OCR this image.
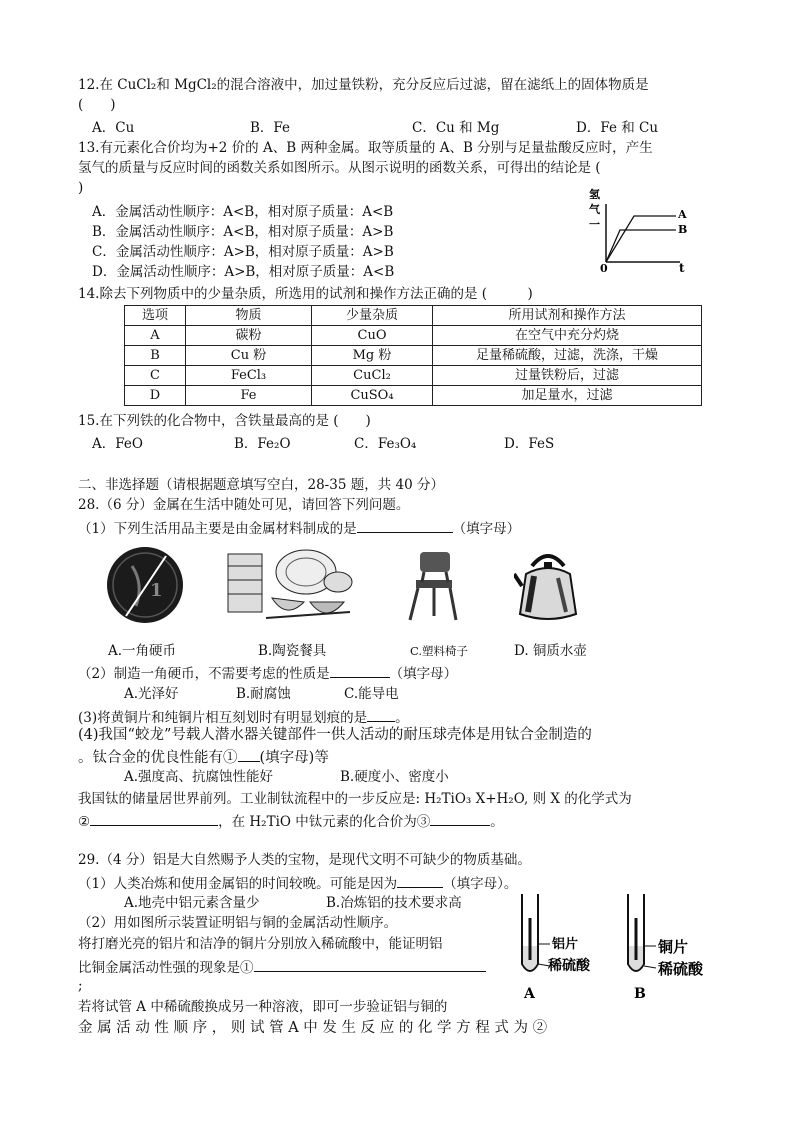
12.在 CuCl₂和 MgCl₂的混合溶液中，加过量铁粉，充分反应后过滤，留在滤纸上的固体物质是
(　　)
A．Cu	B．Fe	C．Cu 和 Mg	D．Fe 和 Cu
13.有元素化合价均为+2 价的 A、B 两种金属。取等质量的 A、B 分别与足量盐酸反应时，产生
氢气的质量与反应时间的函数关系如图所示。从图示说明的函数关系，可得出的结论是 (
)
A．金属活动性顺序：A<B，相对原子质量：A<B
B．金属活动性顺序：A<B，相对原子质量：A>B
C．金属活动性顺序：A>B，相对原子质量：A>B
D．金属活动性顺序：A>B，相对原子质量：A<B
氢
气
一
A
B
0	t
14.除去下列物质中的少量杂质，所选用的试剂和操作方法正确的是 (　　　)
选项	物质	少量杂质	所用试剂和操作方法
A	碳粉	CuO	在空气中充分灼烧
B	Cu 粉	Mg 粉	足量稀硫酸，过滤，洗涤，干燥
C	FeCl₃	CuCl₂	过量铁粉后，过滤
D	Fe	CuSO₄	加足量水，过滤
15.在下列铁的化合物中，含铁量最高的是 (　　)
A．FeO	B．Fe₂O	C．Fe₃O₄	D．FeS
二、非选择题（请根据题意填写空白，28-35 题，共 40 分）
28.（6 分）金属在生活中随处可见，请回答下列问题。
（1）下列生活用品主要是由金属材料制成的是	（填字母）
1
A.一角硬币	B.陶瓷餐具	C.塑料椅子	D. 铜质水壶
（2）制造一角硬币，不需要考虑的性质是	（填字母）
A.光泽好	B.耐腐蚀	C.能导电
(3)将黄铜片和纯铜片相互刻划时有明显划痕的是 。
(4)我国“蛟龙”号载人潜水器关键部件一供人活动的耐压球壳体是用钛合金制造的
。钛合金的优良性能有① (填字母)等
A.强度高、抗腐蚀性能好	B.硬度小、密度小
我国钛的储量居世界前列。工业制钛流程中的一步反应是: H₂TiO₃ X+H₂O, 则 X 的化学式为
②	，在 H₂TiO 中钛元素的化合价为③	。
29.（4 分）铝是大自然赐予人类的宝物，是现代文明不可缺少的物质基础。
（1）人类冶炼和使用金属铝的时间较晚。可能是因为	（填字母）。
A.地壳中铝元素含量少	B.冶炼铝的技术要求高
（2）用如图所示装置证明铝与铜的金属活动性顺序。
将打磨光亮的铝片和洁净的铜片分别放入稀硫酸中，能证明铝
比铜金属活动性强的现象是①
;
若将试管 A 中稀硫酸换成另一种溶液，即可一步验证铝与铜的
金 属 活 动 性 顺 序 ， 则 试 管 A 中 发 生 反 应 的 化 学 方 程 式 为 ②
铝片
稀硫酸
A
铜片
稀硫酸
B
